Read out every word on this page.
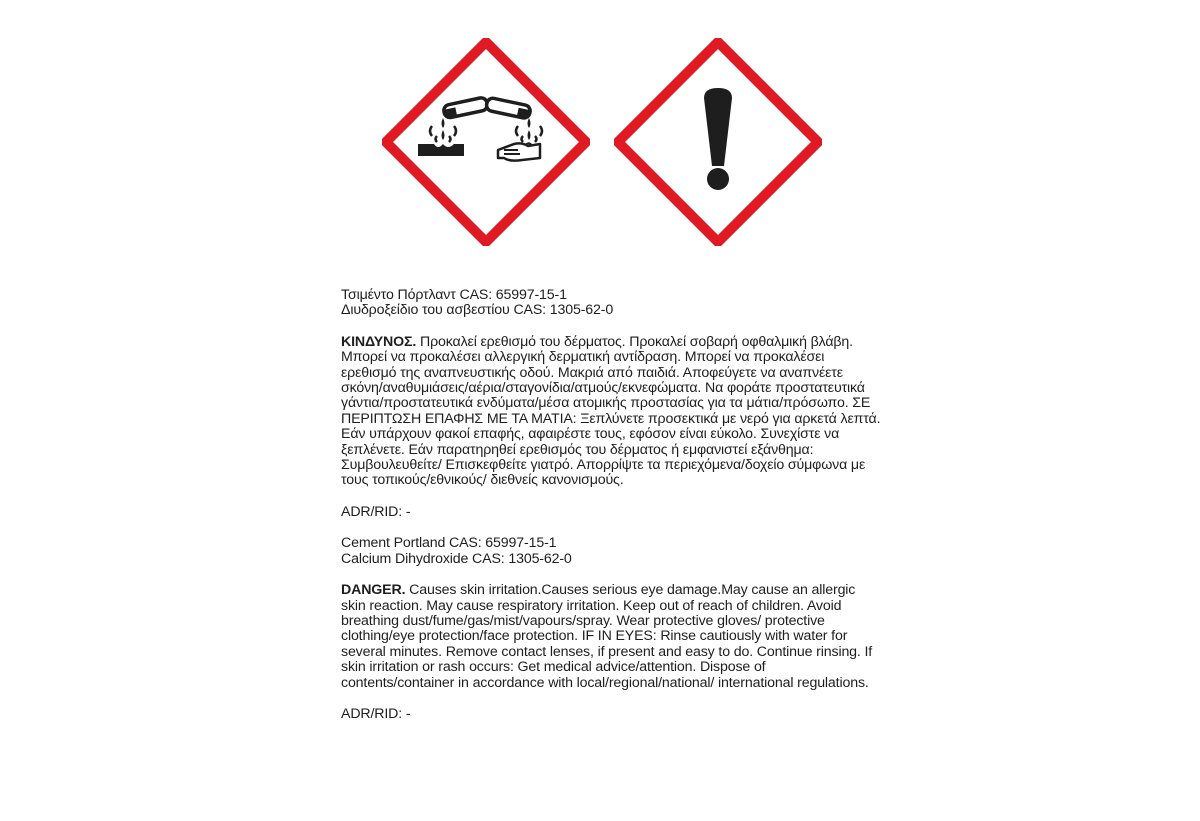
Τσιμέντο Πόρτλαντ CAS: 65997-15-1

Διυδροξείδιο του ασβεστίου CAS: 1305-62-0

ΚΙΝΔΥΝΟΣ. Προκαλεί ερεθισμό του δέρματος. Προκαλεί σοβαρή οφθαλμική βλάβη. Μπορεί να προκαλέσει αλλεργική δερματική αντίδραση. Μπορεί να προκαλέσει ερεθισμό της αναπνευστικής οδού. Μακριά από παιδιά. Αποφεύγετε να αναπνέετε σκόνη/αναθυμιάσεις/αέρια/σταγονίδια/ατμούς/εκνεφώματα. Να φοράτε προστατευτικά γάντια/προστατευτικά ενδύματα/μέσα ατομικής προστασίας για τα μάτια/πρόσωπο. ΣΕ ΠΕΡΙΠΤΩΣΗ ΕΠΑΦΗΣ ΜΕ ΤΑ ΜΑΤΙΑ: Ξεπλύνετε προσεκτικά με νερό για αρκετά λεπτά. Εάν υπάρχουν φακοί επαφής, αφαιρέστε τους, εφόσον είναι εύκολο. Συνεχίστε να ξεπλένετε. Εάν παρατηρηθεί ερεθισμός του δέρματος ή εμφανιστεί εξάνθημα: Συμβουλευθείτε/ Επισκεφθείτε γιατρό. Απορρίψτε τα περιεχόμενα/δοχείο σύμφωνα με τους τοπικούς/εθνικούς/ διεθνείς κανονισμούς.

ADR/RID: -

Cement Portland CAS: 65997-15-1

Calcium Dihydroxide CAS: 1305-62-0

DANGER. Causes skin irritation.Causes serious eye damage.May cause an allergic skin reaction. May cause respiratory irritation. Keep out of reach of children. Avoid breathing dust/fume/gas/mist/vapours/spray. Wear protective gloves/ protective clothing/eye protection/face protection. IF IN EYES: Rinse cautiously with water for several minutes. Remove contact lenses, if present and easy to do. Continue rinsing. If skin irritation or rash occurs: Get medical advice/attention. Dispose of contents/container in accordance with local/regional/national/ international regulations.

ADR/RID: -
